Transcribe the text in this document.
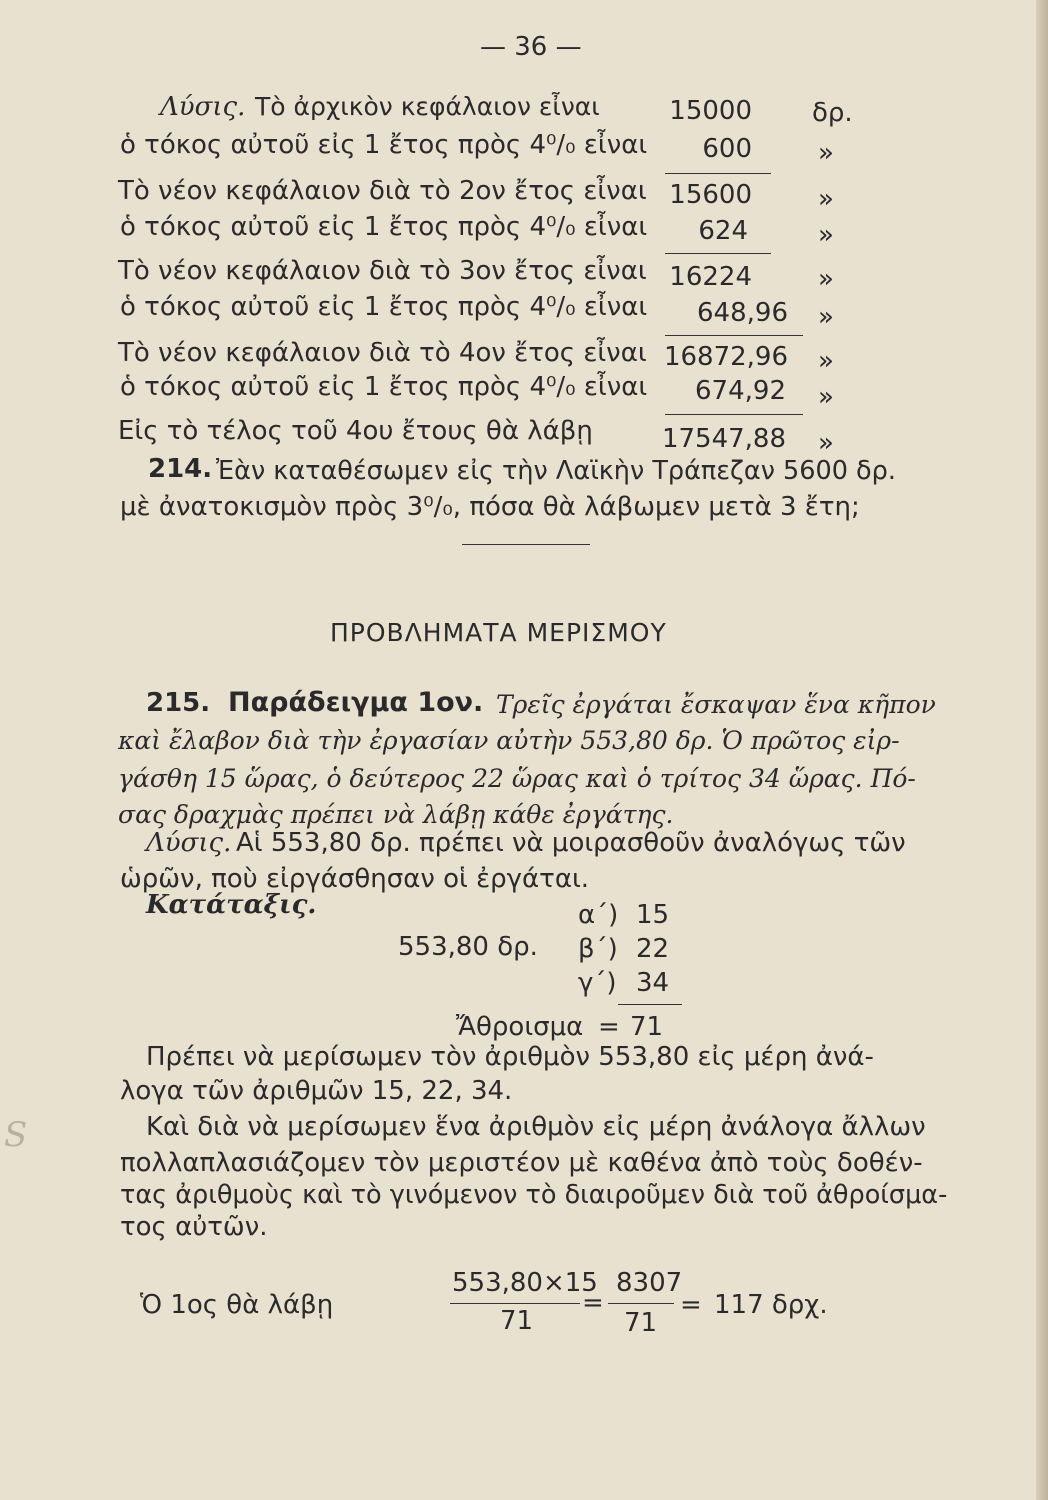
— 36 —
Λύσις. Τὸ ἀρχικὸν κεφάλαιον εἶναι	15000 δρ.
ὁ τόκος αὐτοῦ εἰς 1 ἔτος πρὸς 4⁰/₀ εἶναι	600	»
Τὸ νέον κεφάλαιον διὰ τὸ 2ον ἔτος εἶναι 15600	»
ὁ τόκος αὐτοῦ εἰς 1 ἔτος πρὸς 4⁰/₀ εἶναι	624	»
Τὸ νέον κεφάλαιον διὰ τὸ 3ον ἔτος εἶναι 16224	»
ὁ τόκος αὐτοῦ εἰς 1 ἔτος πρὸς 4⁰/₀ εἶναι	648,96 »
Τὸ νέον κεφάλαιον διὰ τὸ 4ον ἔτος εἶναι 16872,96 »
ὁ τόκος αὐτοῦ εἰς 1 ἔτος πρὸς 4⁰/₀ εἶναι	674,92 »
Εἰς τὸ τέλος τοῦ 4ου ἔτους θὰ λάβῃ	17547,88 »
214. Ἐὰν καταθέσωμεν εἰς τὴν Λαϊκὴν Τράπεζαν 5600 δρ.
μὲ ἀνατοκισμὸν πρὸς 3⁰/₀, πόσα θὰ λάβωμεν μετὰ 3 ἔτη;
ΠΡΟΒΛΗΜΑΤΑ ΜΕΡΙΣΜΟΥ
215. Παράδειγμα 1ον. Τρεῖς ἐργάται ἔσκαψαν ἕνα κῆπον
καὶ ἔλαβον διὰ τὴν ἐργασίαν αὐτὴν 553,80 δρ. Ὁ πρῶτος εἰρ-
γάσθη 15 ὥρας, ὁ δεύτερος 22 ὥρας καὶ ὁ τρίτος 34 ὥρας. Πό-
σας δραχμὰς πρέπει νὰ λάβῃ κάθε ἐργάτης.
Λύσις. Αἱ 553,80 δρ. πρέπει νὰ μοιρασθοῦν ἀναλόγως τῶν
ὡρῶν, ποὺ εἰργάσθησαν οἱ ἐργάται.
Κατάταξις.	α΄) 15
553,80 δρ. β΄) 22
γ΄) 34
Ἄθροισμα = 71
Πρέπει νὰ μερίσωμεν τὸν ἀριθμὸν 553,80 εἰς μέρη ἀνά-
λογα τῶν ἀριθμῶν 15, 22, 34.
Καὶ διὰ νὰ μερίσωμεν ἕνα ἀριθμὸν εἰς μέρη ἀνάλογα ἄλλων
πολλαπλασιάζομεν τὸν μεριστέον μὲ καθένα ἀπὸ τοὺς δοθέν-
τας ἀριθμοὺς καὶ τὸ γινόμενον τὸ διαιροῦμεν διὰ τοῦ ἀθροίσμα-
τος αὐτῶν.
Ὁ 1ος θὰ λάβῃ
553,80×15
71
=
8307
71
= 117 δρχ.
S
